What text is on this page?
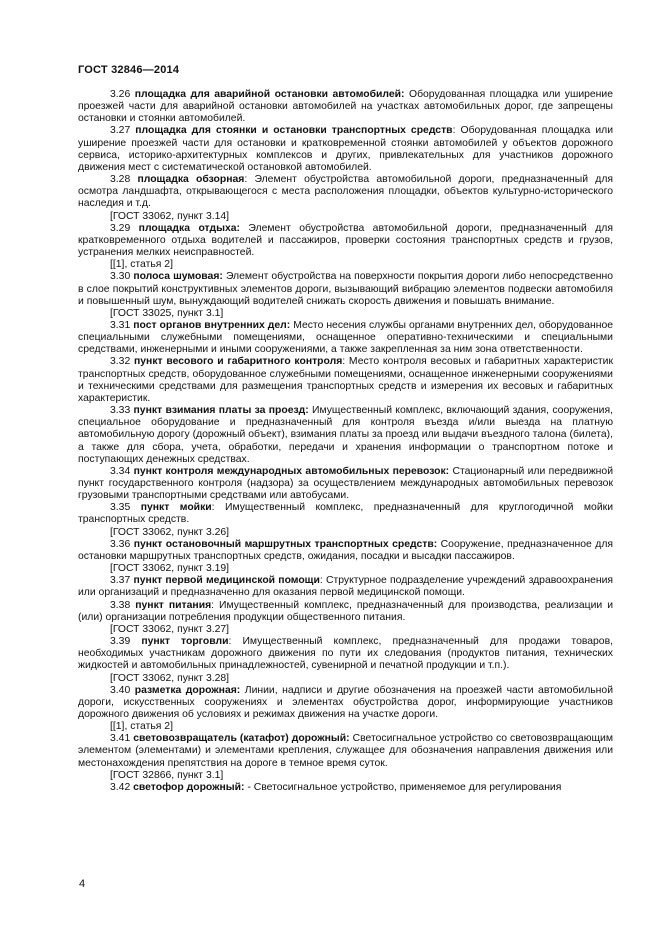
ГОСТ 32846—2014

3.26 площадка для аварийной остановки автомобилей: Оборудованная площадка или уширение проезжей части для аварийной остановки автомобилей на участках автомобильных дорог, где запрещены остановки и стоянки автомобилей.

3.27 площадка для стоянки и остановки транспортных средств: Оборудованная площадка или уширение проезжей части для остановки и кратковременной стоянки автомобилей у объектов дорожного сервиса, историко-архитектурных комплексов и других, привлекательных для участников дорожного движения мест с систематической остановкой автомобилей.

3.28 площадка обзорная: Элемент обустройства автомобильной дороги, предназначенный для осмотра ландшафта, открывающегося с места расположения площадки, объектов культурно-исторического наследия и т.д.

[ГОСТ 33062, пункт 3.14]

3.29 площадка отдыха: Элемент обустройства автомобильной дороги, предназначенный для кратковременного отдыха водителей и пассажиров, проверки состояния транспортных средств и грузов, устранения мелких неисправностей.

[[1], статья 2]

3.30 полоса шумовая: Элемент обустройства на поверхности покрытия дороги либо непосредственно в слое покрытий конструктивных элементов дороги, вызывающий вибрацию элементов подвески автомобиля и повышенный шум, вынуждающий водителей снижать скорость движения и повышать внимание.

[ГОСТ 33025, пункт 3.1]

3.31 пост органов внутренних дел: Место несения службы органами внутренних дел, оборудованное специальными служебными помещениями, оснащенное оперативно-техническими и специальными средствами, инженерными и иными сооружениями, а также закрепленная за ним зона ответственности.

3.32 пункт весового и габаритного контроля: Место контроля весовых и габаритных характеристик транспортных средств, оборудованное служебными помещениями, оснащенное инженерными сооружениями и техническими средствами для размещения транспортных средств и измерения их весовых и габаритных характеристик.

3.33 пункт взимания платы за проезд: Имущественный комплекс, включающий здания, сооружения, специальное оборудование и предназначенный для контроля въезда и/или выезда на платную автомобильную дорогу (дорожный объект), взимания платы за проезд или выдачи въездного талона (билета), а также для сбора, учета, обработки, передачи и хранения информации о транспортном потоке и поступающих денежных средствах.

3.34 пункт контроля международных автомобильных перевозок: Стационарный или передвижной пункт государственного контроля (надзора) за осуществлением международных автомобильных перевозок грузовыми транспортными средствами или автобусами.

3.35 пункт мойки: Имущественный комплекс, предназначенный для круглогодичной мойки транспортных средств.

[ГОСТ 33062, пункт 3.26]

3.36 пункт остановочный маршрутных транспортных средств: Сооружение, предназначенное для остановки маршрутных транспортных средств, ожидания, посадки и высадки пассажиров.

[ГОСТ 33062, пункт 3.19]

3.37 пункт первой медицинской помощи: Структурное подразделение учреждений здравоохранения или организаций и предназначенно для оказания первой медицинской помощи.

3.38 пункт питания: Имущественный комплекс, предназначенный для производства, реализации и (или) организации потребления продукции общественного питания.

[ГОСТ 33062, пункт 3.27]

3.39 пункт торговли: Имущественный комплекс, предназначенный для продажи товаров, необходимых участникам дорожного движения по пути их следования (продуктов питания, технических жидкостей и автомобильных принадлежностей, сувенирной и печатной продукции и т.п.).

[ГОСТ 33062, пункт 3.28]

3.40 разметка дорожная: Линии, надписи и другие обозначения на проезжей части автомобильной дороги, искусственных сооружениях и элементах обустройства дорог, информирующие участников дорожного движения об условиях и режимах движения на участке дороги.

[[1], статья 2]

3.41 световозвращатель (катафот) дорожный: Светосигнальное устройство со световозвращающим элементом (элементами) и элементами крепления, служащее для обозначения направления движения или местонахождения препятствия на дороге в темное время суток.

[ГОСТ 32866, пункт 3.1]

3.42 светофор дорожный: - Светосигнальное устройство, применяемое для регулирования

4
